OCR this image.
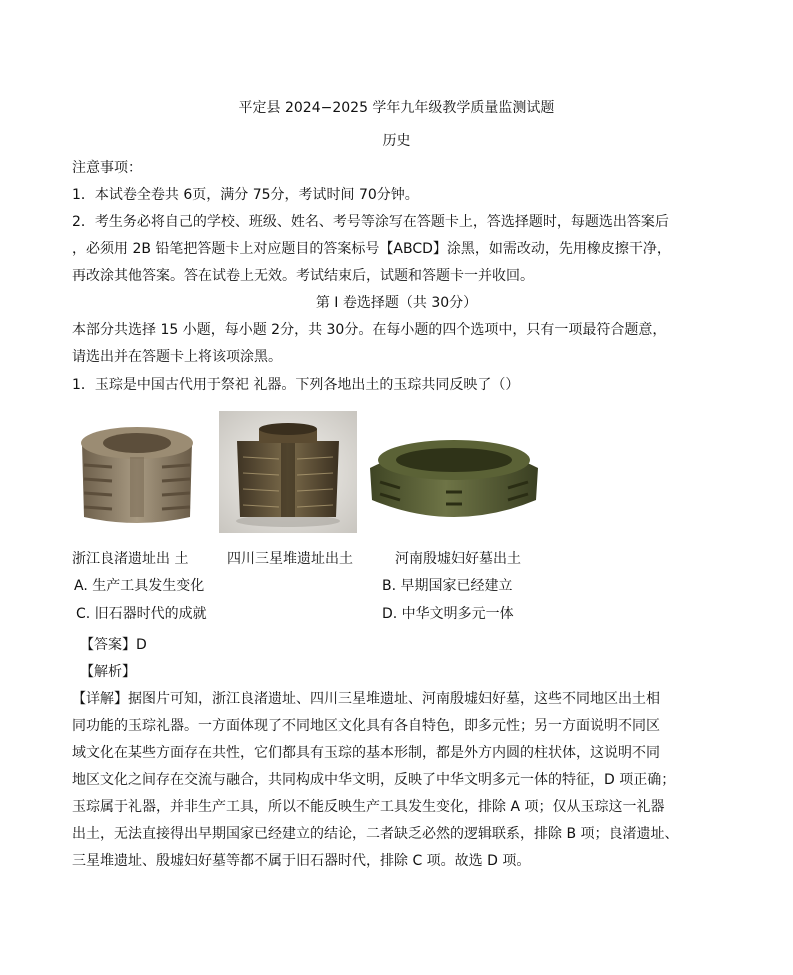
平定县 2024−2025 学年九年级教学质量监测试题
历史
注意事项：
1．本试卷全卷共 6页，满分 75分，考试时间 70分钟。
2．考生务必将自己的学校、班级、姓名、考号等涂写在答题卡上，答选择题时，每题选出答案后
，必须用 2B 铅笔把答题卡上对应题目的答案标号【ABCD】涂黑，如需改动，先用橡皮擦干净，
再改涂其他答案。答在试卷上无效。考试结束后，试题和答题卡一并收回。
第 I 卷选择题（共 30分）
本部分共选择 15 小题，每小题 2分，共 30分。在每小题的四个选项中，只有一项最符合题意，
请选出并在答题卡上将该项涂黑。
1．玉琮是中国古代用于祭祀 礼器。下列各地出土的玉琮共同反映了（）
浙江良渚遗址出 土	四川三星堆遗址出土	河南殷墟妇好墓出土
A. 生产工具发生变化	B. 早期国家已经建立
C. 旧石器时代的成就	D. 中华文明多元一体
【答案】D
【解析】
【详解】据图片可知，浙江良渚遗址、四川三星堆遗址、河南殷墟妇好墓，这些不同地区出土相
同功能的玉琮礼器。一方面体现了不同地区文化具有各自特色，即多元性；另一方面说明不同区
域文化在某些方面存在共性，它们都具有玉琮的基本形制，都是外方内圆的柱状体，这说明不同
地区文化之间存在交流与融合，共同构成中华文明，反映了中华文明多元一体的特征，D 项正确；
玉琮属于礼器，并非生产工具，所以不能反映生产工具发生变化，排除 A 项；仅从玉琮这一礼器
出土，无法直接得出早期国家已经建立的结论，二者缺乏必然的逻辑联系，排除 B 项；良渚遗址、
三星堆遗址、殷墟妇好墓等都不属于旧石器时代，排除 C 项。故选 D 项。
